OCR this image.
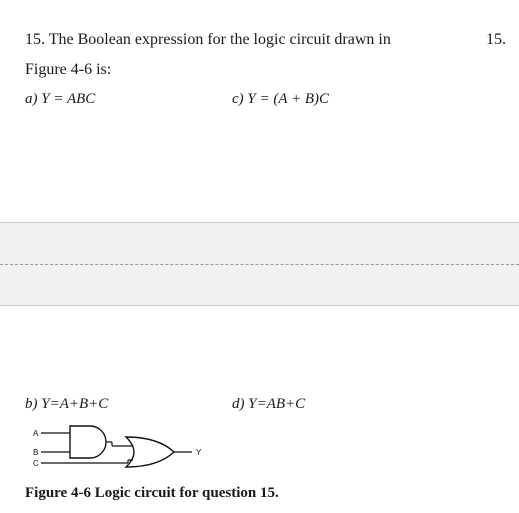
15. The Boolean expression for the logic circuit drawn in	15.
Figure 4-6 is:
a) Y = ABC	c) Y = (A + B)C
b) Y=A+B+C	d) Y=AB+C
A
B
C
Y
Figure 4-6 Logic circuit for question 15.
